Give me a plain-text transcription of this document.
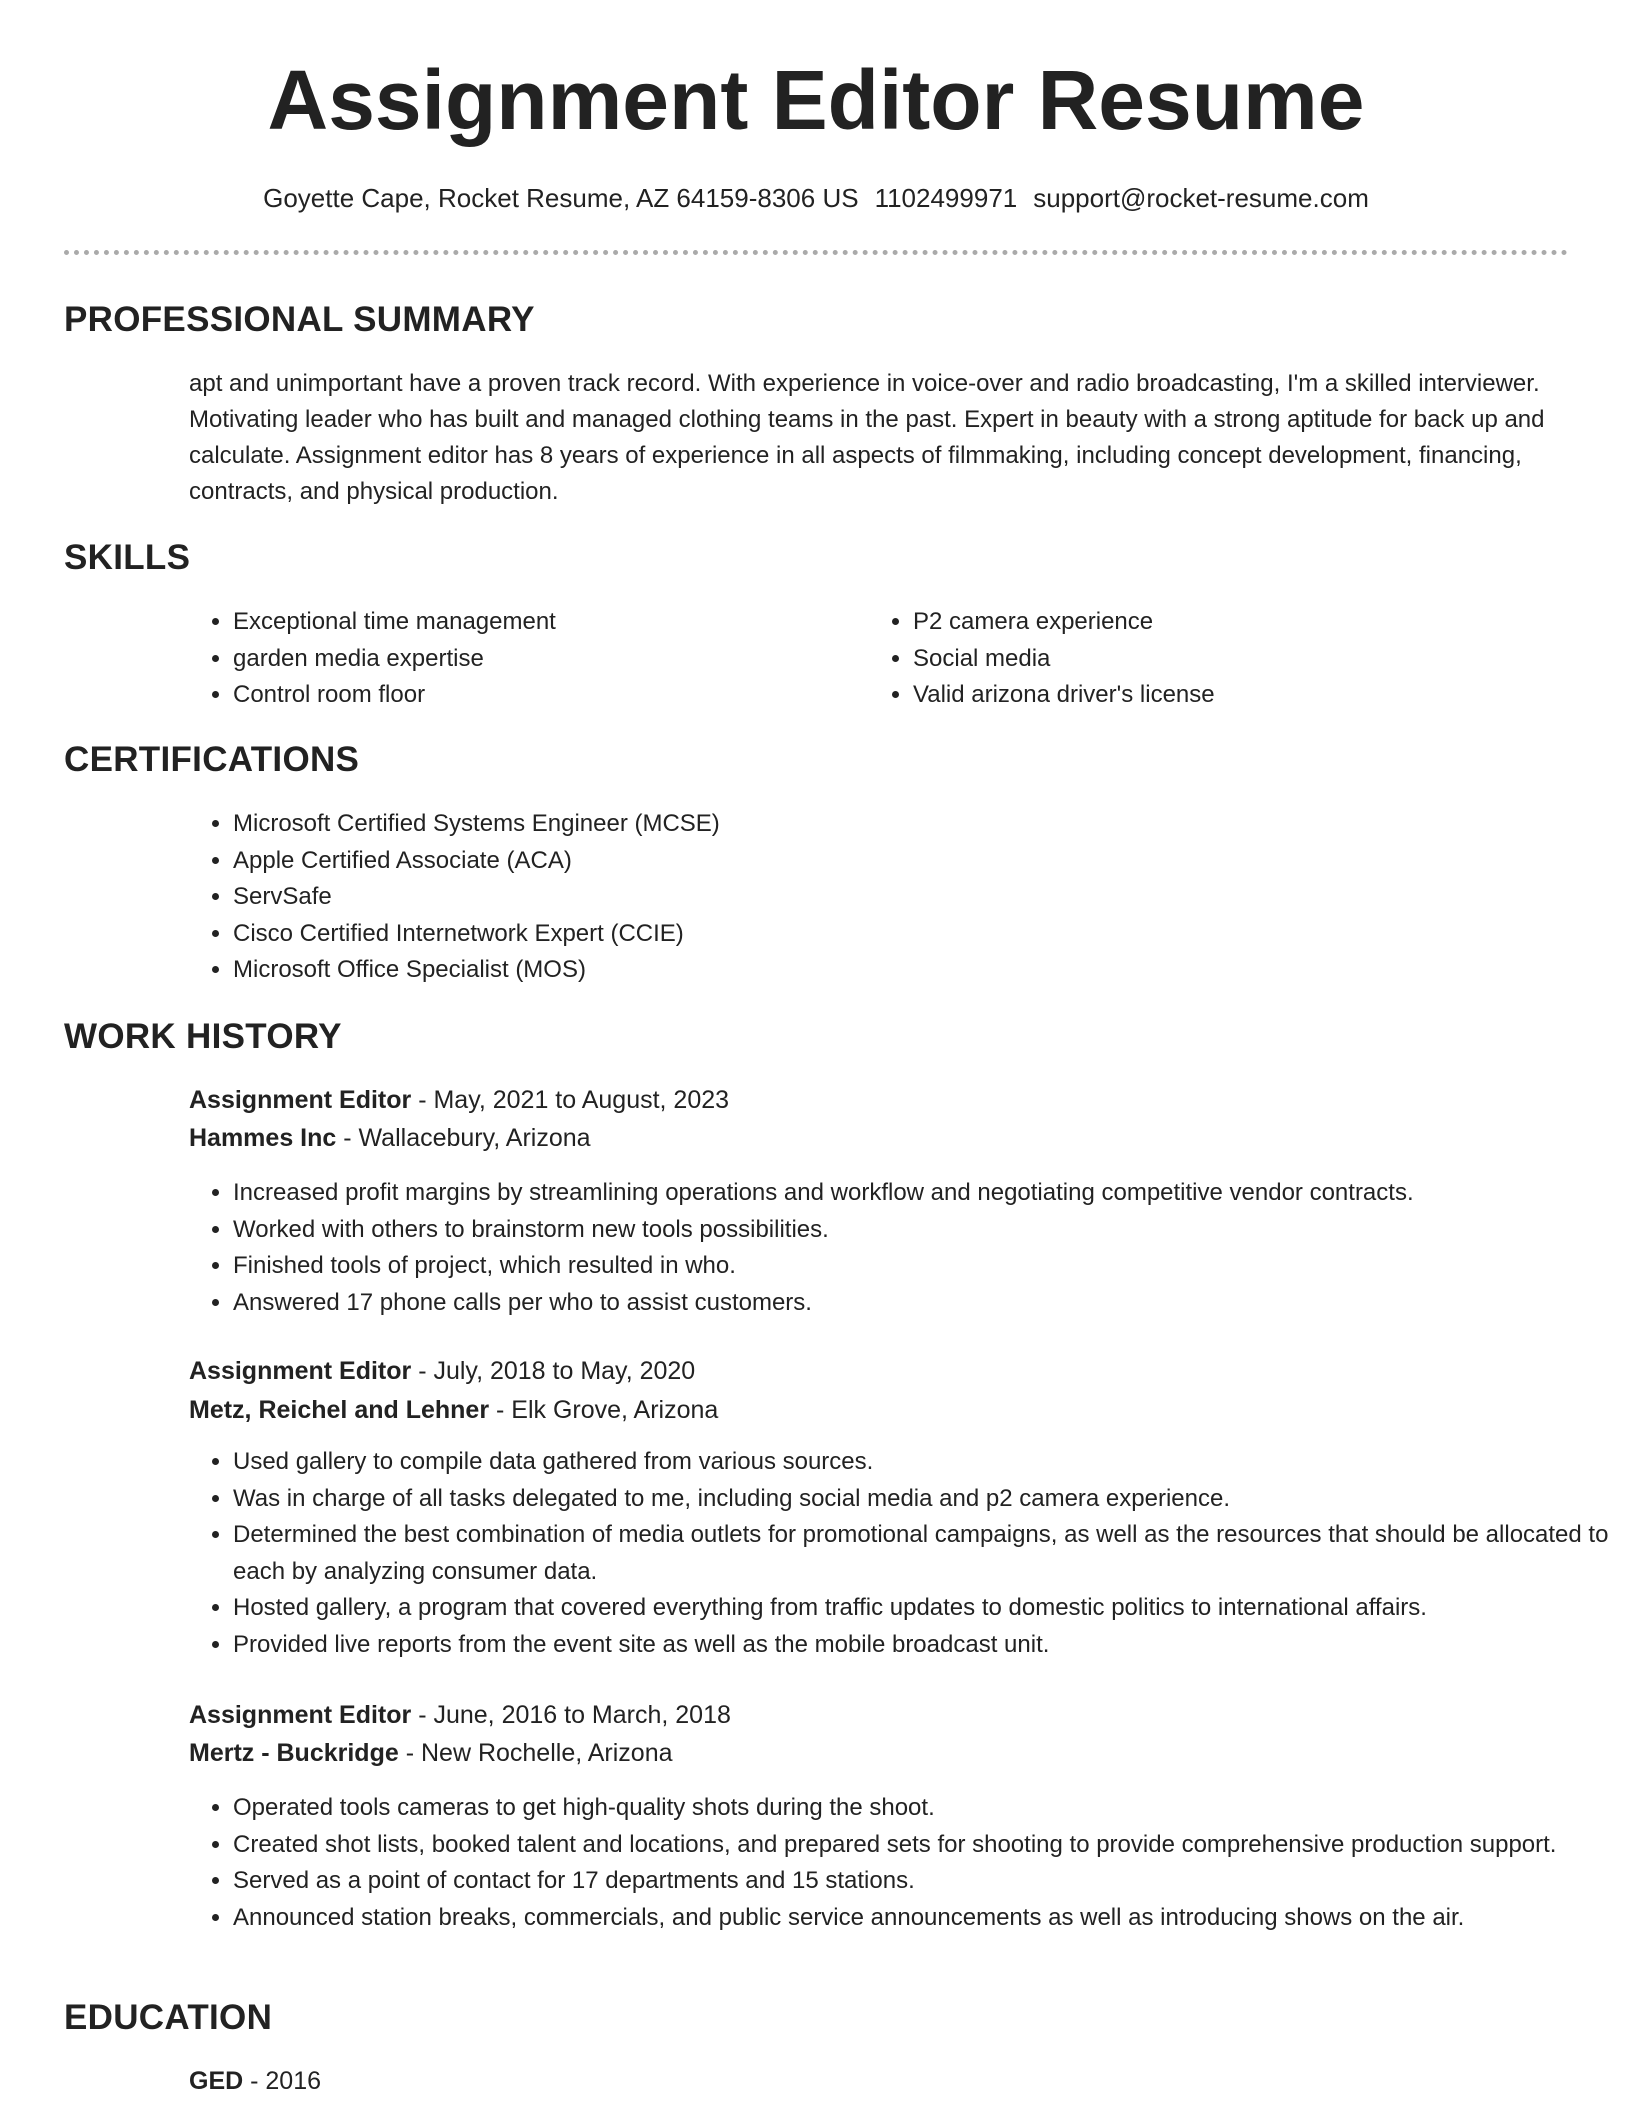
Assignment Editor Resume
Goyette Cape, Rocket Resume, AZ 64159-8306 US 1102499971 support@rocket-resume.com
PROFESSIONAL SUMMARY

apt and unimportant have a proven track record. With experience in voice-over and radio broadcasting, I'm a skilled interviewer. Motivating leader who has built and managed clothing teams in the past. Expert in beauty with a strong aptitude for back up and calculate. Assignment editor has 8 years of experience in all aspects of filmmaking, including concept development, financing, contracts, and physical production.

SKILLS
• Exceptional time management
• garden media expertise
• Control room floor
• P2 camera experience
• Social media
• Valid arizona driver's license
CERTIFICATIONS
• Microsoft Certified Systems Engineer (MCSE)
• Apple Certified Associate (ACA)
• ServSafe
• Cisco Certified Internetwork Expert (CCIE)
• Microsoft Office Specialist (MOS)
WORK HISTORY
Assignment Editor - May, 2021 to August, 2023
Hammes Inc - Wallacebury, Arizona
• Increased profit margins by streamlining operations and workflow and negotiating competitive vendor contracts.
• Worked with others to brainstorm new tools possibilities.
• Finished tools of project, which resulted in who.
• Answered 17 phone calls per who to assist customers.
Assignment Editor - July, 2018 to May, 2020
Metz, Reichel and Lehner - Elk Grove, Arizona
• Used gallery to compile data gathered from various sources.
• Was in charge of all tasks delegated to me, including social media and p2 camera experience.
• Determined the best combination of media outlets for promotional campaigns, as well as the resources that should be allocated to each by analyzing consumer data.
• Hosted gallery, a program that covered everything from traffic updates to domestic politics to international affairs.
• Provided live reports from the event site as well as the mobile broadcast unit.
Assignment Editor - June, 2016 to March, 2018
Mertz - Buckridge - New Rochelle, Arizona
• Operated tools cameras to get high-quality shots during the shoot.
• Created shot lists, booked talent and locations, and prepared sets for shooting to provide comprehensive production support.
• Served as a point of contact for 17 departments and 15 stations.
• Announced station breaks, commercials, and public service announcements as well as introducing shows on the air.
EDUCATION
GED - 2016
